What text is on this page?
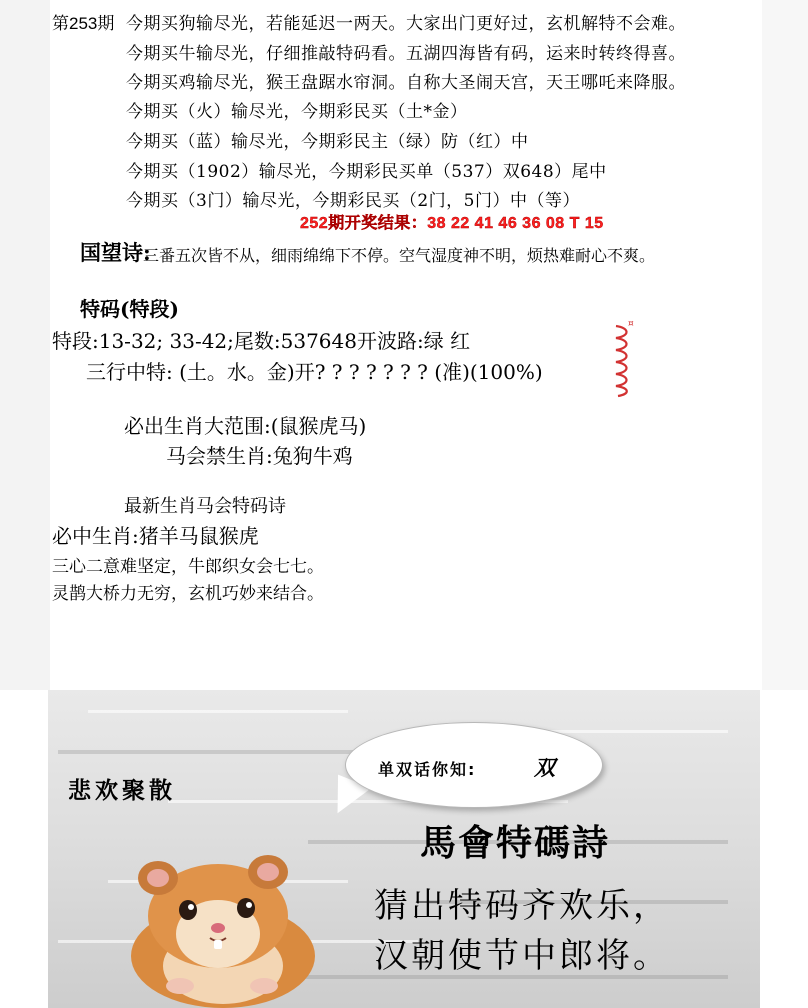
第253期 今期买狗输尽光，若能延迟一两天。大家出门更好过，玄机解特不会难。
今期买牛输尽光，仔细推敲特码看。五湖四海皆有码，运来时转终得喜。
今期买鸡输尽光，猴王盘踞水帘洞。自称大圣闹天宫，天王哪吒来降服。
今期买（火）输尽光，今期彩民买（土*金）
今期买（蓝）输尽光，今期彩民主（绿）防（红）中
今期买（1902）输尽光，今期彩民买单（537）双648）尾中
今期买（3门）输尽光，今期彩民买（2门，5门）中（等）
252期开奖结果：38 22 41 46 36 08 T 15
国望诗:
三番五次皆不从，细雨绵绵下不停。空气湿度神不明，烦热难耐心不爽。
特码(特段)
特段:13-32; 33-42;尾数:537648开波路:绿 红
三行中特: (土。水。金)开? ? ? ? ? ? ? (准)(100%)
¤
必出生肖大范围:(鼠猴虎马)
马会禁生肖:兔狗牛鸡
最新生肖马会特码诗
必中生肖:猪羊马鼠猴虎
三心二意难坚定，牛郎织女会七七。
灵鹊大桥力无穷，玄机巧妙来结合。
悲欢聚散
单双话你知:	双
馬會特碼詩
猜出特码齐欢乐，
汉朝使节中郎将。
